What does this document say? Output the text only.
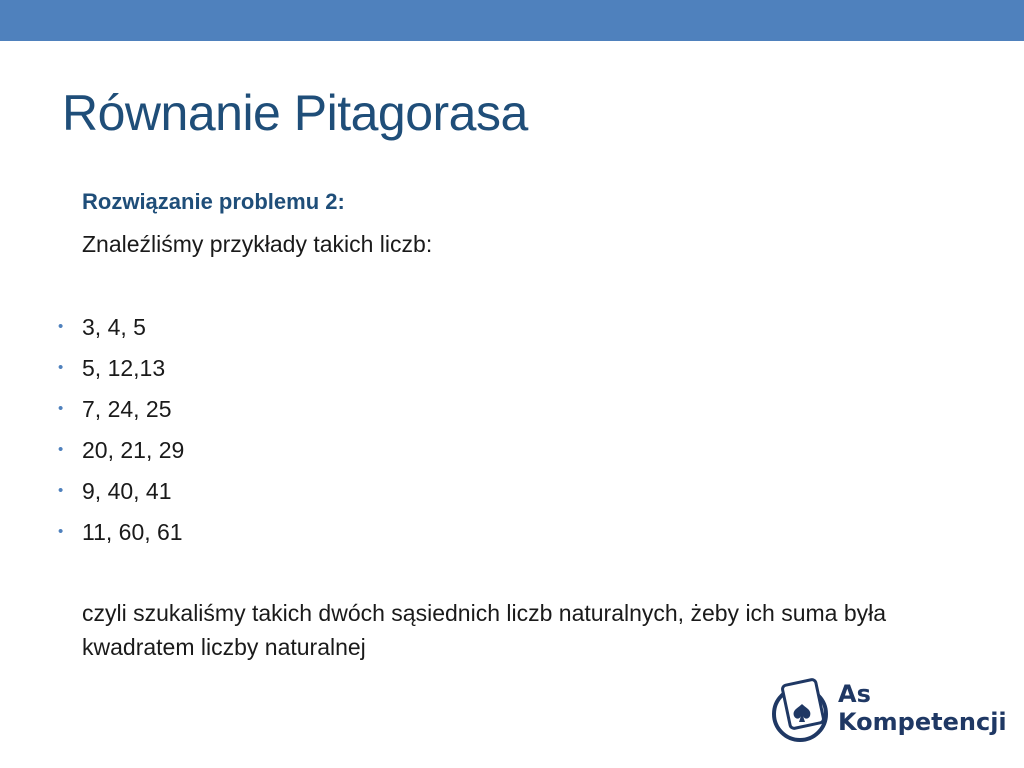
Równanie Pitagorasa
Rozwiązanie problemu 2:
Znaleźliśmy przykłady takich liczb:
• 3, 4, 5
• 5, 12,13
• 7, 24, 25
• 20, 21, 29
• 9, 40, 41
• 11, 60, 61
czyli szukaliśmy takich dwóch sąsiednich liczb naturalnych, żeby ich suma była kwadratem liczby naturalnej
As
Kompetencji
